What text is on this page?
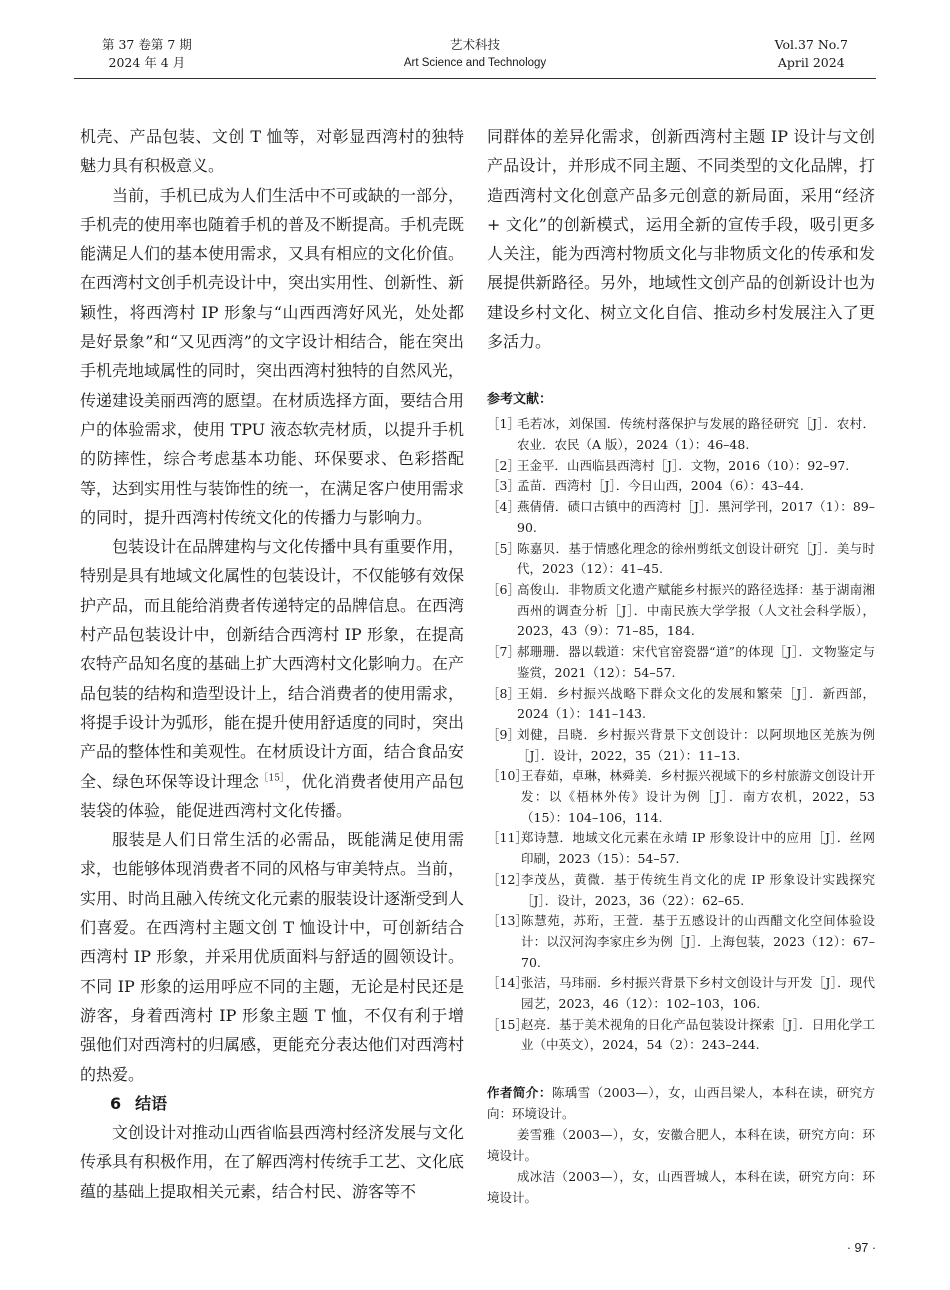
第 37 卷第 7 期
2024 年 4 月
艺术科技
Art Science and Technology
Vol.37 No.7
April 2024

机壳、产品包装、文创 T 恤等，对彰显西湾村的独特魅力具有积极意义。

当前，手机已成为人们生活中不可或缺的一部分，手机壳的使用率也随着手机的普及不断提高。手机壳既能满足人们的基本使用需求，又具有相应的文化价值。在西湾村文创手机壳设计中，突出实用性、创新性、新颖性，将西湾村 IP 形象与“山西西湾好风光，处处都是好景象”和“又见西湾”的文字设计相结合，能在突出手机壳地域属性的同时，突出西湾村独特的自然风光，传递建设美丽西湾的愿望。在材质选择方面，要结合用户的体验需求，使用 TPU 液态软壳材质，以提升手机的防摔性，综合考虑基本功能、环保要求、色彩搭配等，达到实用性与装饰性的统一，在满足客户使用需求的同时，提升西湾村传统文化的传播力与影响力。

包装设计在品牌建构与文化传播中具有重要作用，特别是具有地域文化属性的包装设计，不仅能够有效保护产品，而且能给消费者传递特定的品牌信息。在西湾村产品包装设计中，创新结合西湾村 IP 形象，在提高农特产品知名度的基础上扩大西湾村文化影响力。在产品包装的结构和造型设计上，结合消费者的使用需求，将提手设计为弧形，能在提升使用舒适度的同时，突出产品的整体性和美观性。在材质设计方面，结合食品安全、绿色环保等设计理念$^{[15]}$，优化消费者使用产品包装袋的体验，能促进西湾村文化传播。

服装是人们日常生活的必需品，既能满足使用需求，也能够体现消费者不同的风格与审美特点。当前，实用、时尚且融入传统文化元素的服装设计逐渐受到人们喜爱。在西湾村主题文创 T 恤设计中，可创新结合西湾村 IP 形象，并采用优质面料与舒适的圆领设计。不同 IP 形象的运用呼应不同的主题，无论是村民还是游客，身着西湾村 IP 形象主题 T 恤，不仅有利于增强他们对西湾村的归属感，更能充分表达他们对西湾村的热爱。

6 结语

文创设计对推动山西省临县西湾村经济发展与文化传承具有积极作用，在了解西湾村传统手工艺、文化底蕴的基础上提取相关元素，结合村民、游客等不

同群体的差异化需求，创新西湾村主题 IP 设计与文创产品设计，并形成不同主题、不同类型的文化品牌，打造西湾村文化创意产品多元创意的新局面，采用“经济 + 文化”的创新模式，运用全新的宣传手段，吸引更多人关注，能为西湾村物质文化与非物质文化的传承和发展提供新路径。另外，地域性文创产品的创新设计也为建设乡村文化、树立文化自信、推动乡村发展注入了更多活力。

参考文献：
［1］
毛若冰，刘保国．传统村落保护与发展的路径研究［J］．农村．农业．农民（A 版），2024（1）：46–48.
［2］
王金平．山西临县西湾村［J］．文物，2016（10）：92–97.
［3］
孟苗．西湾村［J］．今日山西，2004（6）：43–44.
［4］
燕倩倩．碛口古镇中的西湾村［J］．黑河学刊，2017（1）：89–90.
［5］
陈嘉贝．基于情感化理念的徐州剪纸文创设计研究［J］．美与时代，2023（12）：41–45.
［6］
高俊山．非物质文化遗产赋能乡村振兴的路径选择：基于湖南湘西州的调查分析［J］．中南民族大学学报（人文社会科学版），2023，43（9）：71–85，184.
［7］
郝珊珊．器以载道：宋代官窑瓷器“道”的体现［J］．文物鉴定与鉴赏，2021（12）：54–57.
［8］
王娟．乡村振兴战略下群众文化的发展和繁荣［J］．新西部，2024（1）：141–143.
［9］
刘健，吕晓．乡村振兴背景下文创设计：以阿坝地区羌族为例［J］．设计，2022，35（21）：11–13.
［10］
王春茹，卓琳，林舜美．乡村振兴视域下的乡村旅游文创设计开发：以《梧林外传》设计为例［J］．南方农机，2022，53（15）：104–106，114.
［11］
郑诗慧．地域文化元素在永靖 IP 形象设计中的应用［J］．丝网印刷，2023（15）：54–57.
［12］
李茂丛，黄微．基于传统生肖文化的虎 IP 形象设计实践探究［J］．设计，2023，36（22）：62–65.
［13］
陈慧苑，苏珩，王萱．基于五感设计的山西醋文化空间体验设计：以汉河沟李家庄乡为例［J］．上海包装，2023（12）：67–70.
［14］
张洁，马玮丽．乡村振兴背景下乡村文创设计与开发［J］．现代园艺，2023，46（12）：102–103，106.
［15］
赵亮．基于美术视角的日化产品包装设计探索［J］．日用化学工业（中英文），2024，54（2）：243–244.
作者简介：陈瑀雪（2003—），女，山西吕梁人，本科在读，研究方向：环境设计。
姜雪雅（2003—），女，安徽合肥人，本科在读，研究方向：环境设计。
成冰洁（2003—），女，山西晋城人，本科在读，研究方向：环境设计。
· 97 ·
